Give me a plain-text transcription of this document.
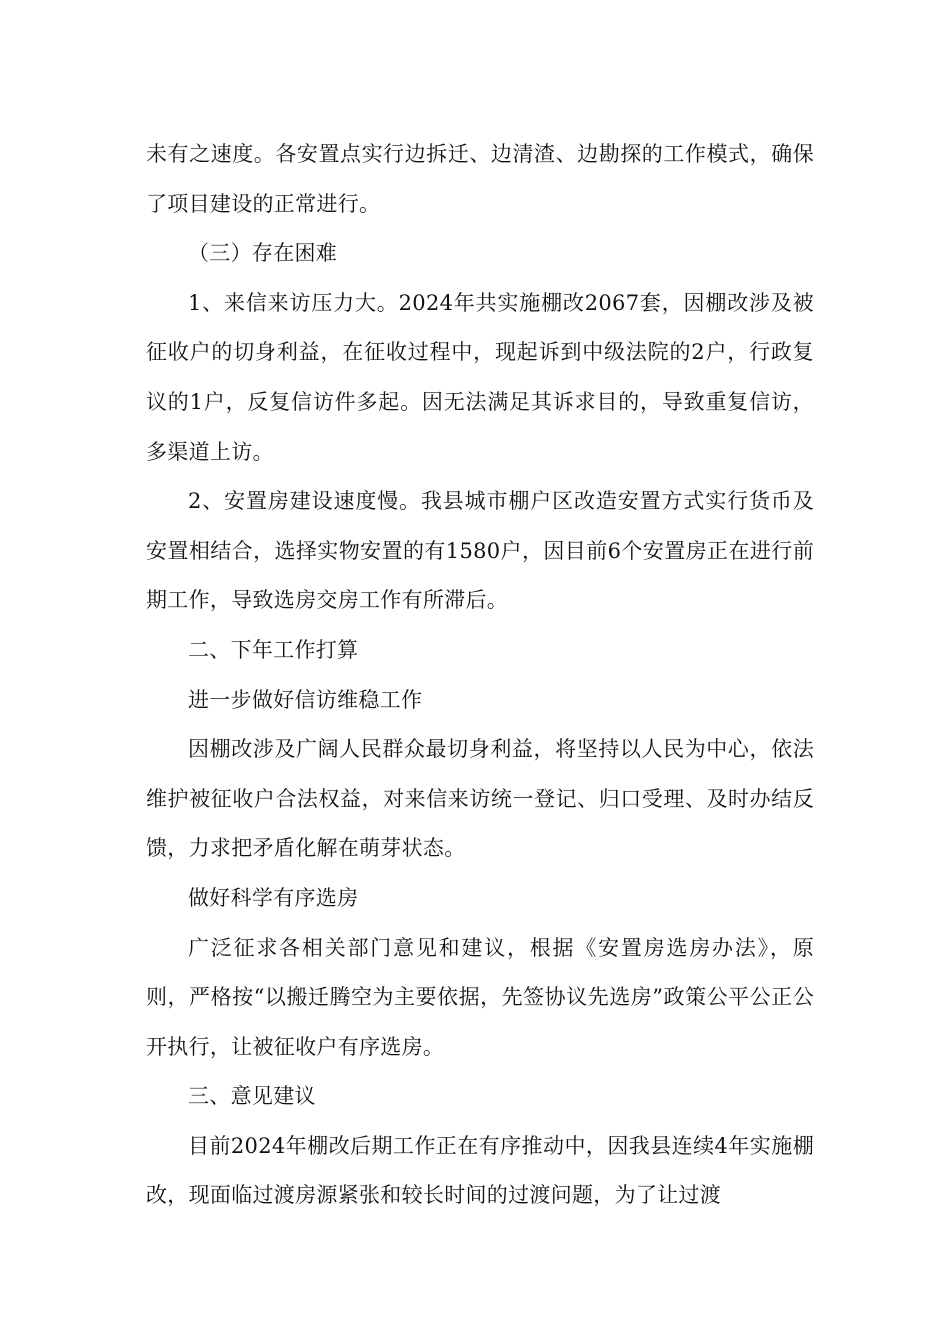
未有之速度。各安置点实行边拆迁、边清渣、边勘探的工作模式，确保了项目建设的正常进行。

（三）存在困难

1、来信来访压力大。2024年共实施棚改2067套，因棚改涉及被征收户的切身利益，在征收过程中，现起诉到中级法院的2户，行政复议的1户，反复信访件多起。因无法满足其诉求目的，导致重复信访，多渠道上访。

2、安置房建设速度慢。我县城市棚户区改造安置方式实行货币及安置相结合，选择实物安置的有1580户，因目前6个安置房正在进行前期工作，导致选房交房工作有所滞后。

二、下年工作打算

进一步做好信访维稳工作

因棚改涉及广阔人民群众最切身利益，将坚持以人民为中心，依法维护被征收户合法权益，对来信来访统一登记、归口受理、及时办结反馈，力求把矛盾化解在萌芽状态。

做好科学有序选房

广泛征求各相关部门意见和建议，根据《安置房选房办法》，原则，严格按“以搬迁腾空为主要依据，先签协议先选房”政策公平公正公开执行，让被征收户有序选房。

三、意见建议

目前2024年棚改后期工作正在有序推动中，因我县连续4年实施棚改，现面临过渡房源紧张和较长时间的过渡问题，为了让过渡
